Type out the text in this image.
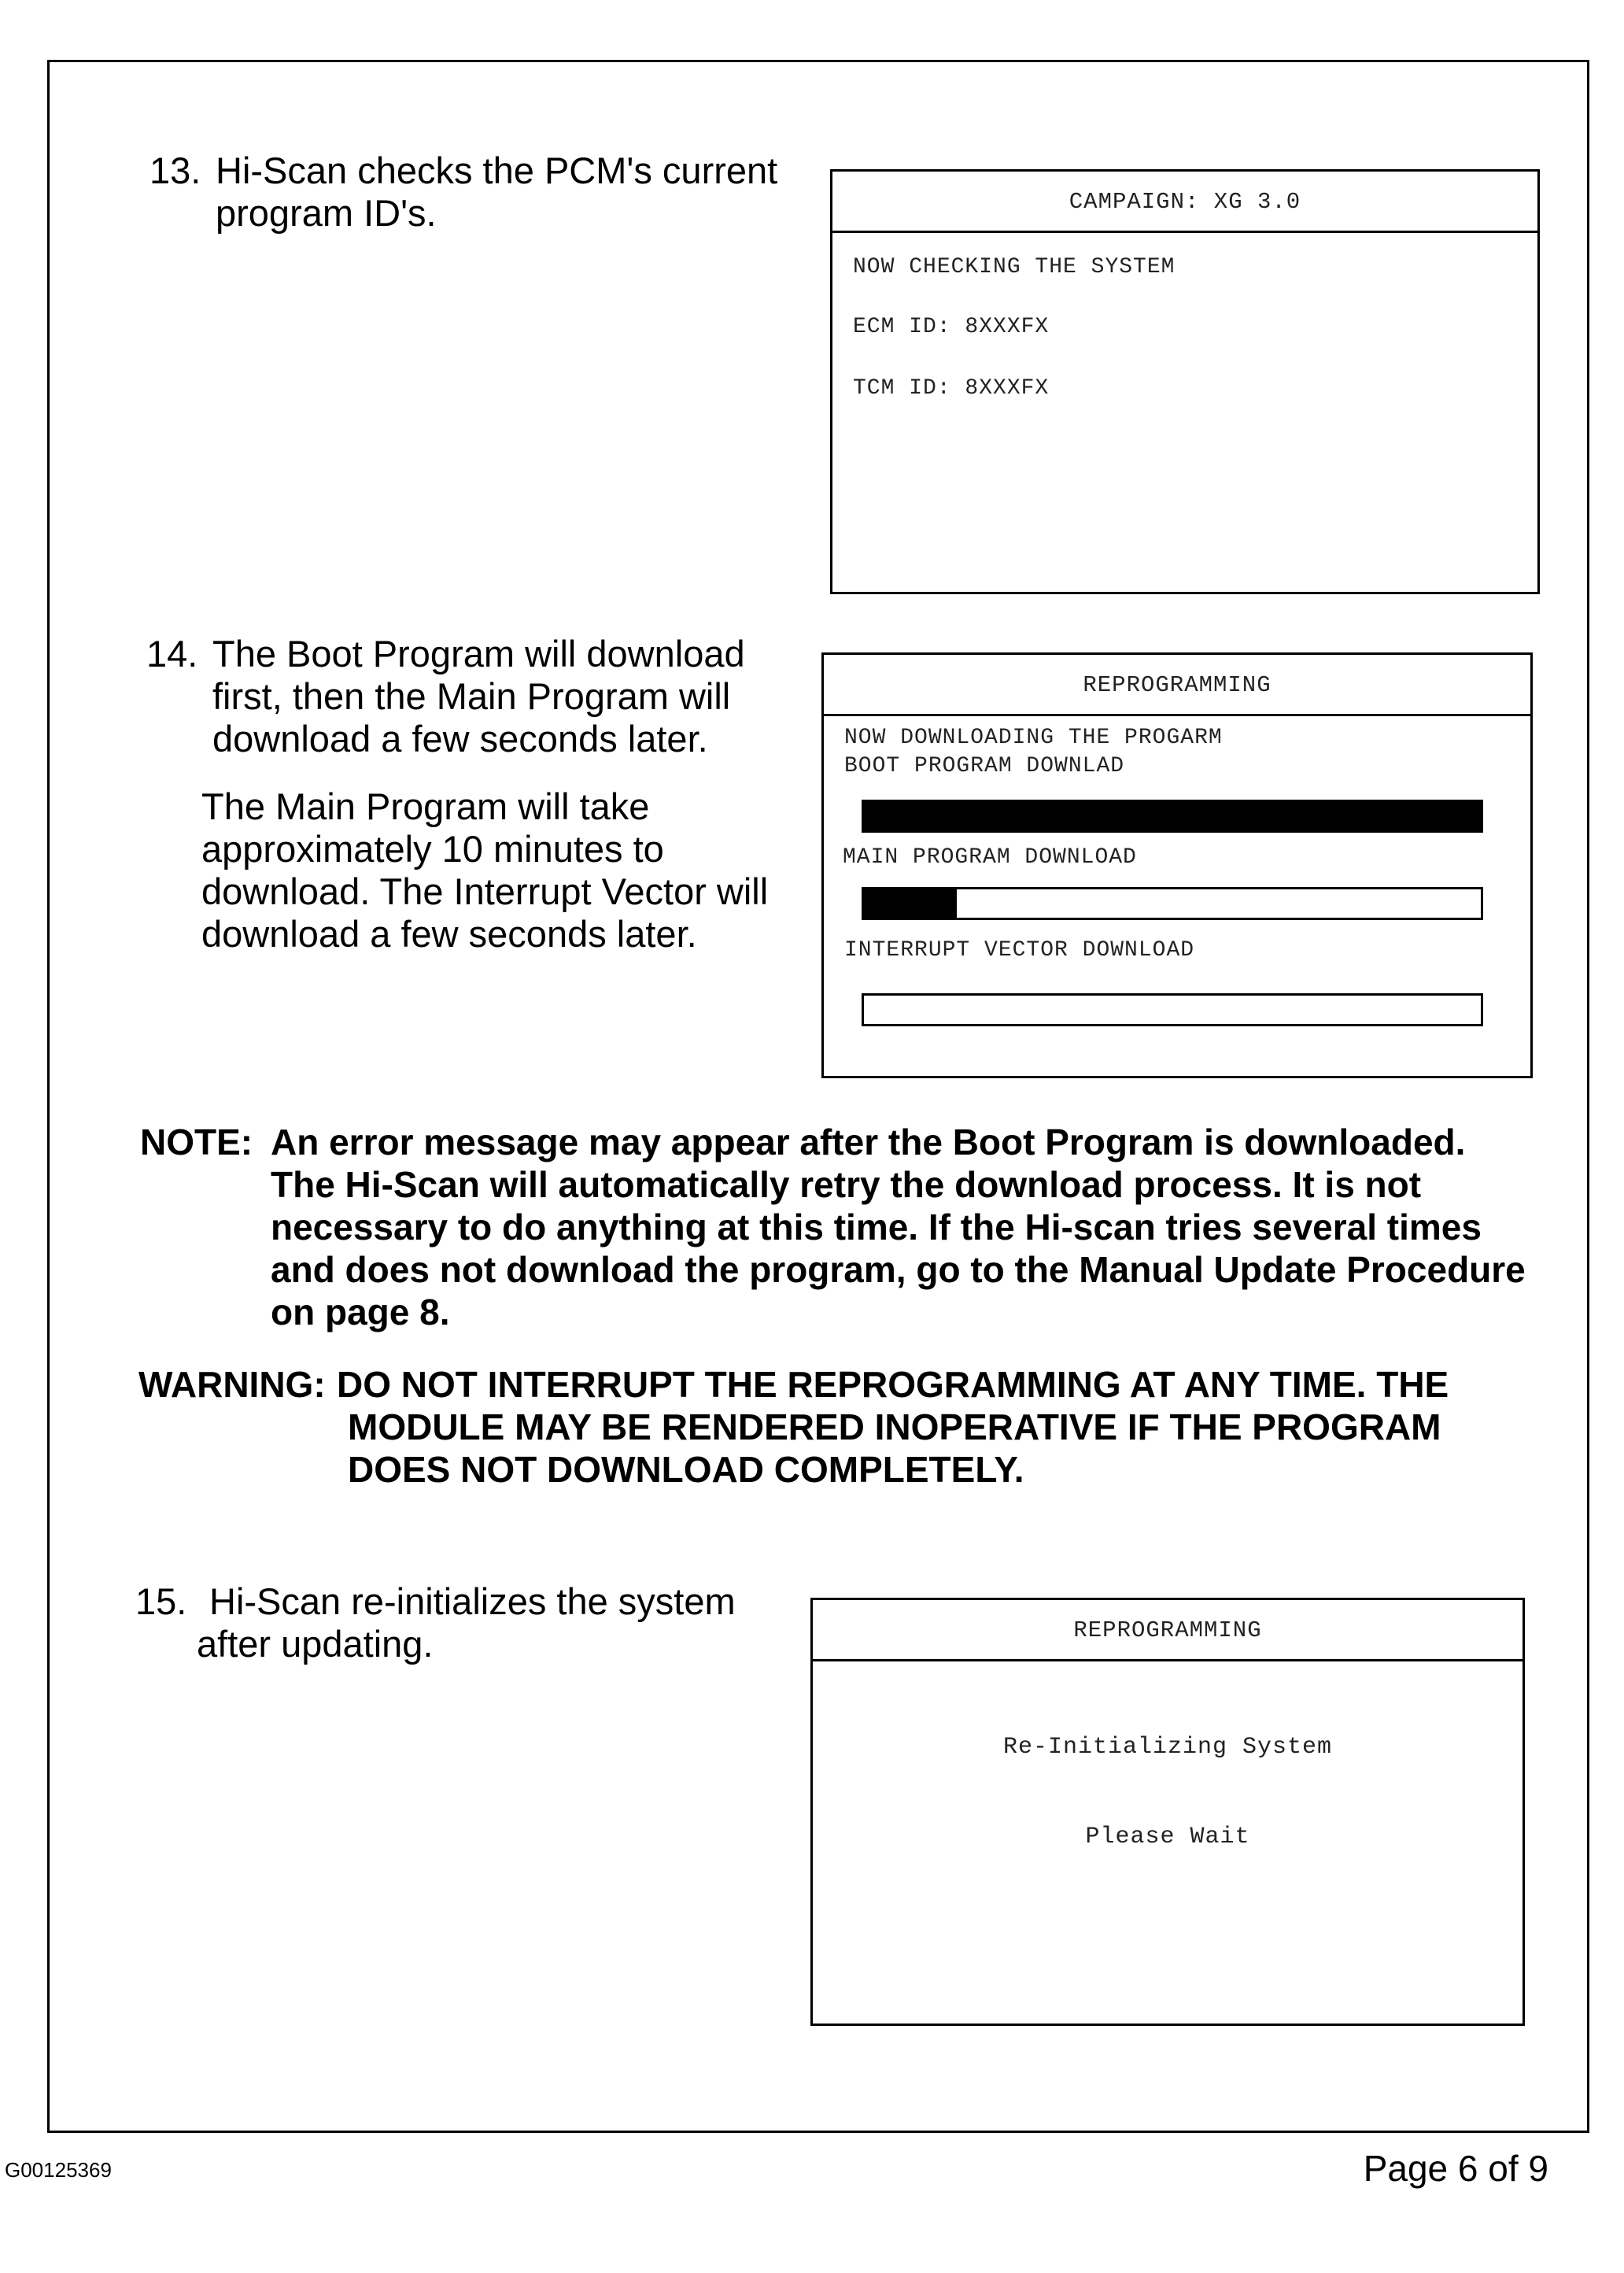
13. Hi-Scan checks the PCM's current
program ID's.	CAMPAIGN: XG 3.0
NOW CHECKING THE SYSTEM
ECM ID: 8XXXFX
TCM ID: 8XXXFX
14. The Boot Program will download
first, then the Main Program will
download a few seconds later.
The Main Program will take
approximately 10 minutes to
download. The Interrupt Vector will
download a few seconds later.
REPROGRAMMING
NOW DOWNLOADING THE PROGARM
BOOT PROGRAM DOWNLAD
MAIN PROGRAM DOWNLOAD
INTERRUPT VECTOR DOWNLOAD
NOTE: An error message may appear after the Boot Program is downloaded.
The Hi-Scan will automatically retry the download process. It is not
necessary to do anything at this time. If the Hi-scan tries several times
and does not download the program, go to the Manual Update Procedure
on page 8.
WARNING: DO NOT INTERRUPT THE REPROGRAMMING AT ANY TIME. THE
MODULE MAY BE RENDERED INOPERATIVE IF THE PROGRAM
DOES NOT DOWNLOAD COMPLETELY.
15. Hi-Scan re-initializes the system
after updating.	REPROGRAMMING
Re-Initializing System
Please Wait
G00125369	Page 6 of 9
